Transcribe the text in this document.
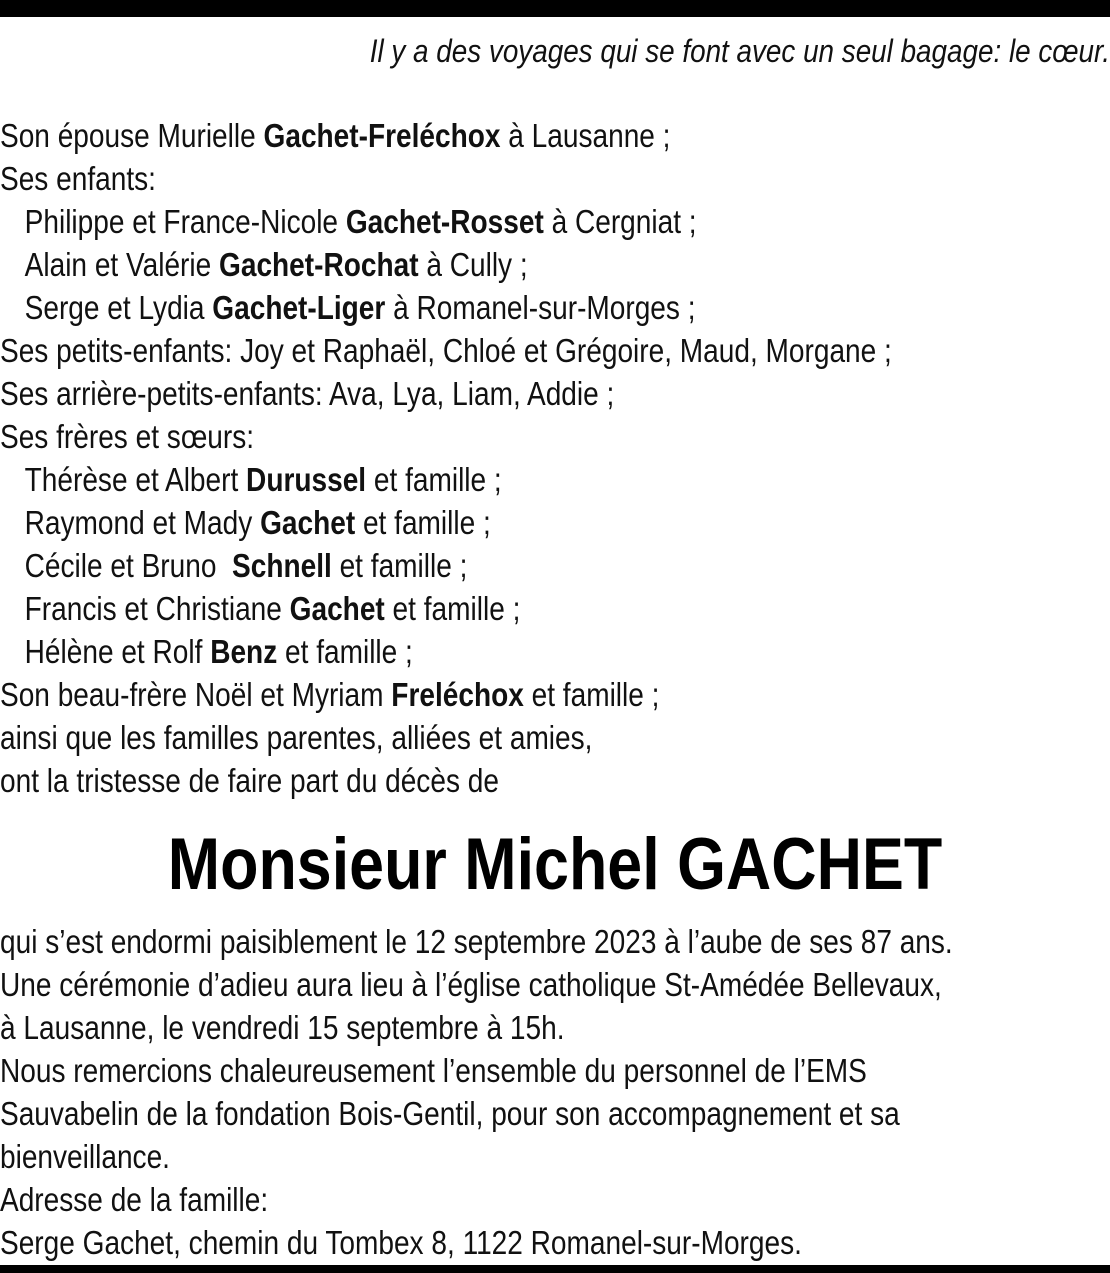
Il y a des voyages qui se font avec un seul bagage: le cœur.

Son épouse Murielle Gachet-Freléchox à Lausanne ;
Ses enfants:
Philippe et France-Nicole Gachet-Rosset à Cergniat ;
Alain et Valérie Gachet-Rochat à Cully ;
Serge et Lydia Gachet-Liger à Romanel-sur-Morges ;
Ses petits-enfants: Joy et Raphaël, Chloé et Grégoire, Maud, Morgane ;
Ses arrière-petits-enfants: Ava, Lya, Liam, Addie ;
Ses frères et sœurs:
Thérèse et Albert Durussel et famille ;
Raymond et Mady Gachet et famille ;
Cécile et Bruno  Schnell et famille ;
Francis et Christiane Gachet et famille ;
Hélène et Rolf Benz et famille ;
Son beau-frère Noël et Myriam Freléchox et famille ;
ainsi que les familles parentes, alliées et amies,
ont la tristesse de faire part du décès de
Monsieur Michel GACHET
qui s’est endormi paisiblement le 12 septembre 2023 à l’aube de ses 87 ans.
Une cérémonie d’adieu aura lieu à l’église catholique St-Amédée Bellevaux,
à Lausanne, le vendredi 15 septembre à 15h.
Nous remercions chaleureusement l’ensemble du personnel de l’EMS
Sauvabelin de la fondation Bois-Gentil, pour son accompagnement et sa
bienveillance.
Adresse de la famille:
Serge Gachet, chemin du Tombex 8, 1122 Romanel-sur-Morges.
